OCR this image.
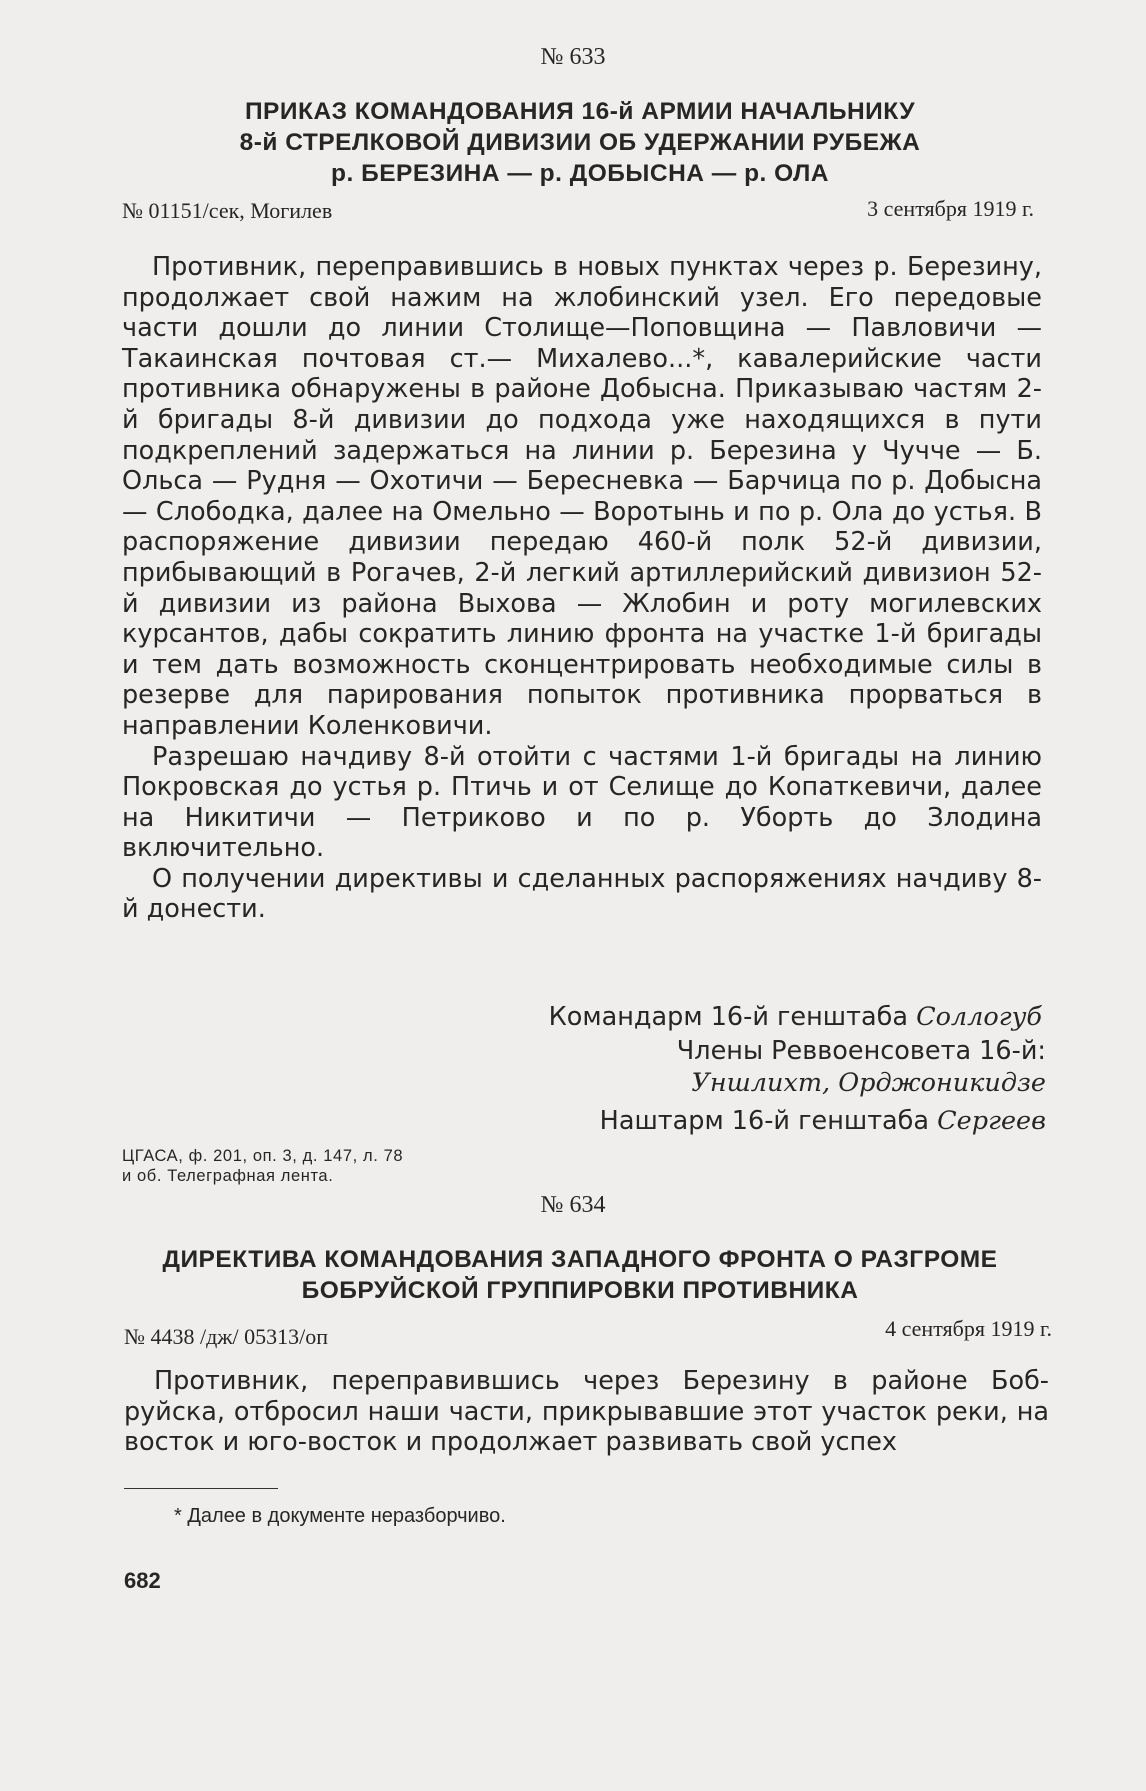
№ 633
ПРИКАЗ КОМАНДОВАНИЯ 16-й АРМИИ НАЧАЛЬНИКУ
8-й СТРЕЛКОВОЙ ДИВИЗИИ ОБ УДЕРЖАНИИ РУБЕЖА
р. БЕРЕЗИНА — р. ДОБЫСНА — р. ОЛА
№ 01151/сек, Могилев	3 сентября 1919 г.

Противник, переправившись в новых пунктах через р. Березину, продолжает свой нажим на жлобинский узел. Его передовые части дошли до линии Столище—Поповщина — Павловичи — Такаинская почтовая ст.— Михалево...*, кавалерийские части противника обнаружены в районе Добысна. Приказываю частям 2-й бригады 8-й дивизии до подхода уже находящихся в пути подкреплений задержаться на линии р. Березина у Чучче — Б. Ольса — Рудня — Охотичи — Бересневка — Барчица по р. Добысна — Слободка, далее на Омельно — Воротынь и по р. Ола до устья. В распоряжение дивизии передаю 460-й полк 52-й дивизии, прибывающий в Рогачев, 2-й легкий артиллерийский дивизион 52-й дивизии из района Выхова — Жлобин и роту могилевских курсантов, дабы сократить линию фронта на участке 1-й бригады и тем дать возможность сконцентрировать необходимые силы в резерве для парирования попыток противника прорваться в направлении Коленковичи.

Разрешаю начдиву 8-й отойти с частями 1-й бригады на линию Покровская до устья р. Птичь и от Селище до Копаткевичи, далее на Никитичи — Петриково и по р. Уборть до Злодина включительно.

О получении директивы и сделанных распоряжениях начдиву 8-й донести.

Командарм 16-й генштаба Соллогуб
Члены Реввоенсовета 16-й:
Уншлихт, Орджоникидзе
Наштарм 16-й генштаба Сергеев
ЦГАСА, ф. 201, оп. 3, д. 147, л. 78
и об. Телеграфная лента.
№ 634
ДИРЕКТИВА КОМАНДОВАНИЯ ЗАПАДНОГО ФРОНТА О РАЗГРОМЕ
БОБРУЙСКОЙ ГРУППИРОВКИ ПРОТИВНИКА
№ 4438 /дж/ 05313/оп	4 сентября 1919 г.

Противник, переправившись через Березину в районе Бобруйска, отбросил наши части, прикрывавшие этот участок реки, на восток и юго-восток и продолжает развивать свой успех

* Далее в документе неразборчиво.
682
